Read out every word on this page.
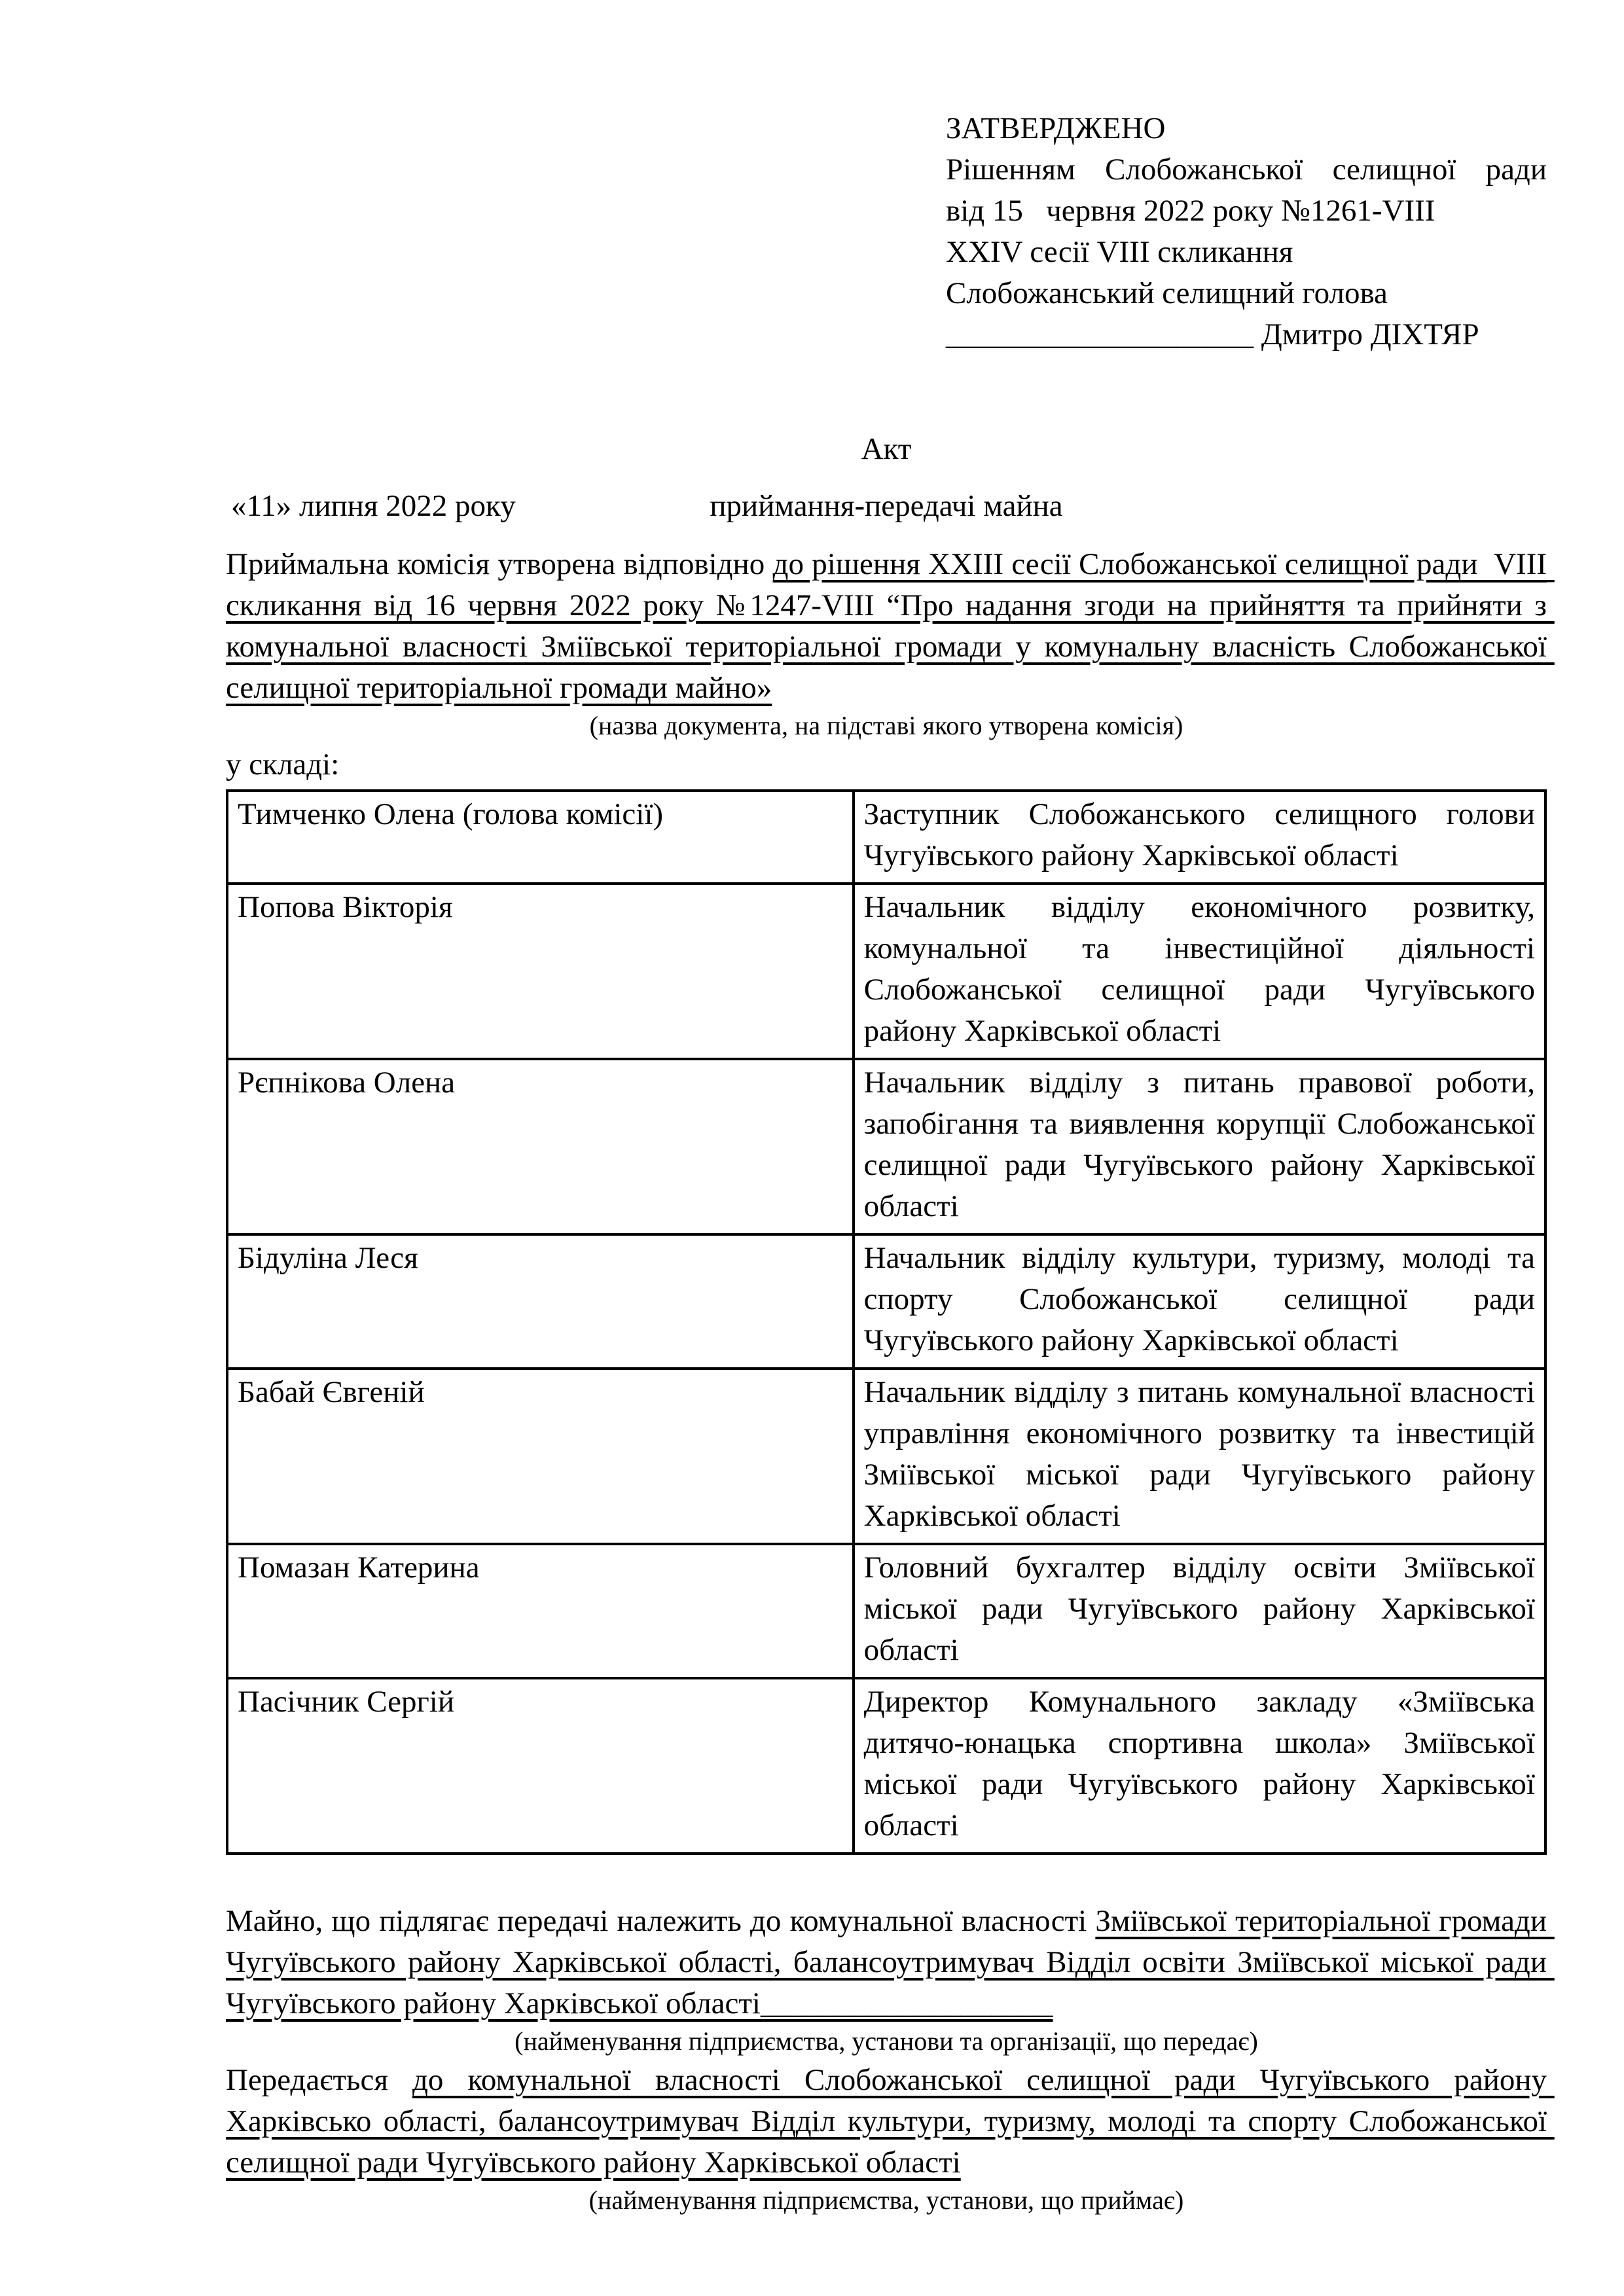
ЗАТВЕРДЖЕНО
Рішенням Слобожанської селищної ради
від 15   червня 2022 року №1261-VIII
XXIV сесії VIII скликання
Слобожанський селищний голова
____________________ Дмитро ДІХТЯР
Акт
«11» липня 2022 року	приймання-передачі майна
Приймальна комісія утворена відповідно до рішення XXIII сесії Слобожанської селищної ради  VIII скликання від 16 червня 2022 року №1247-VIII “Про надання згоди на прийняття та прийняти з комунальної власності Зміївської територіальної громади у комунальну власність Слобожанської селищної територіальної громади майно»
(назва документа, на підставі якого утворена комісія)
у складі:
Тимченко Олена (голова комісії)	Заступник Слобожанського селищного голови Чугуївського району Харківської області
Попова Вікторія	Начальник відділу економічного розвитку, комунальної та інвестиційної діяльності Слобожанської селищної ради Чугуївського району Харківської області
Рєпнікова Олена	Начальник відділу з питань правової роботи, запобігання та виявлення корупції Слобожанської селищної ради Чугуївського району Харківської області
Бідуліна Леся	Начальник відділу культури, туризму, молоді та спорту Слобожанської селищної ради Чугуївського району Харківської області
Бабай Євгеній	Начальник відділу з питань комунальної власності управління економічного розвитку та інвестицій Зміївської міської ради Чугуївського району Харківської області
Помазан Катерина	Головний бухгалтер відділу освіти Зміївської міської ради Чугуївського району Харківської області
Пасічник Сергій	Директор Комунального закладу «Зміївська дитячо-юнацька спортивна школа» Зміївської міської ради Чугуївського району Харківської області
Майно, що підлягає передачі належить до комунальної власності Зміївської територіальної громади Чугуївського району Харківської області, балансоутримувач Відділ освіти Зміївської міської ради Чугуївського району Харківської області___________________
(найменування підприємства, установи та організації, що передає)
Передається до комунальної власності Слобожанської селищної ради Чугуївського району Харківсько області, балансоутримувач Відділ культури, туризму, молоді та спорту Слобожанської селищної ради Чугуївського району Харківської області
(найменування підприємства, установи, що приймає)
